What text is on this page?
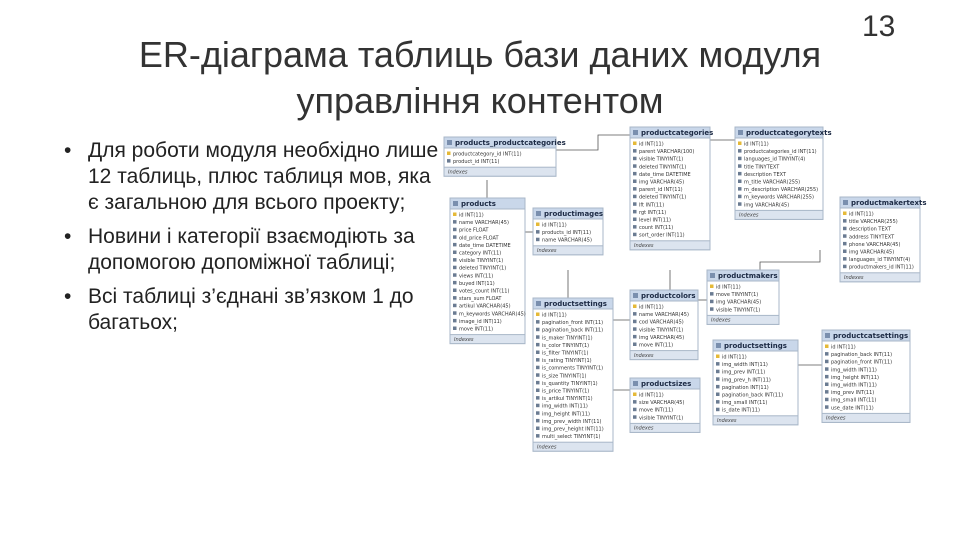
13
ER-діаграма таблиць бази даних модуля
управління контентом
• Для роботи модуля необхідно лише 12 таблиць, плюс таблиця мов, яка є загальною для всього проекту;
• Новини і категорії взаємодіють за допомогою допоміжної таблиці;
• Всі таблиці з’єднані зв’язком 1 до багатьох;
products_productcategories
productcategory_id INT(11)
product_id INT(11)
Indexes
productcategories
id INT(11)
parent VARCHAR(100)
visible TINYINT(1)
deleted TINYINT(1)
date_time DATETIME
img VARCHAR(45)
parent_id INT(11)
deleted TINYINT(1)
lft INT(11)
rgt INT(11)
level INT(11)
count INT(11)
sort_order INT(11)
Indexes
productcategorytexts
id INT(11)
productcategories_id INT(11)
languages_id TINYINT(4)
title TINYTEXT
description TEXT
m_title VARCHAR(255)
m_description VARCHAR(255)
m_keywords VARCHAR(255)
img VARCHAR(45)
Indexes
products
id INT(11)
name VARCHAR(45)
price FLOAT
old_price FLOAT
date_time DATETIME
category INT(11)
visible TINYINT(1)
deleted TINYINT(1)
views INT(11)
buyed INT(11)
votes_count INT(11)
stars_sum FLOAT
artikul VARCHAR(45)
m_keywords VARCHAR(45)
image_id INT(11)
move INT(11)
Indexes
productimages
id INT(11)
products_id INT(11)
name VARCHAR(45)
Indexes
productmakertexts
id INT(11)
title VARCHAR(255)
description TEXT
address TINYTEXT
phone VARCHAR(45)
img VARCHAR(45)
languages_id TINYINT(4)
productmakers_id INT(11)
Indexes
productmakers
id INT(11)
move TINYINT(1)
img VARCHAR(45)
visible TINYINT(1)
Indexes
productcolors
id INT(11)
name VARCHAR(45)
cod VARCHAR(45)
visible TINYINT(1)
img VARCHAR(45)
move INT(11)
Indexes
productsettings
id INT(11)
pagination_front INT(11)
pagination_back INT(11)
is_maker TINYINT(1)
is_color TINYINT(1)
is_filter TINYINT(1)
is_rating TINYINT(1)
is_comments TINYINT(1)
is_size TINYINT(1)
is_quantity TINYINT(1)
is_price TINYINT(1)
is_artikul TINYINT(1)
img_width INT(11)
img_height INT(11)
img_prev_width INT(11)
img_prev_height INT(11)
multi_select TINYINT(1)
Indexes
productsizes
id INT(11)
size VARCHAR(45)
move INT(11)
visible TINYINT(1)
Indexes
productsettings
id INT(11)
img_width INT(11)
img_prev INT(11)
img_prev_h INT(11)
pagination INT(11)
pagination_back INT(11)
img_small INT(11)
is_date INT(11)
Indexes
productcatsettings
id INT(11)
pagination_back INT(11)
pagination_front INT(11)
img_width INT(11)
img_height INT(11)
img_width INT(11)
img_prev INT(11)
img_small INT(11)
use_date INT(11)
Indexes
